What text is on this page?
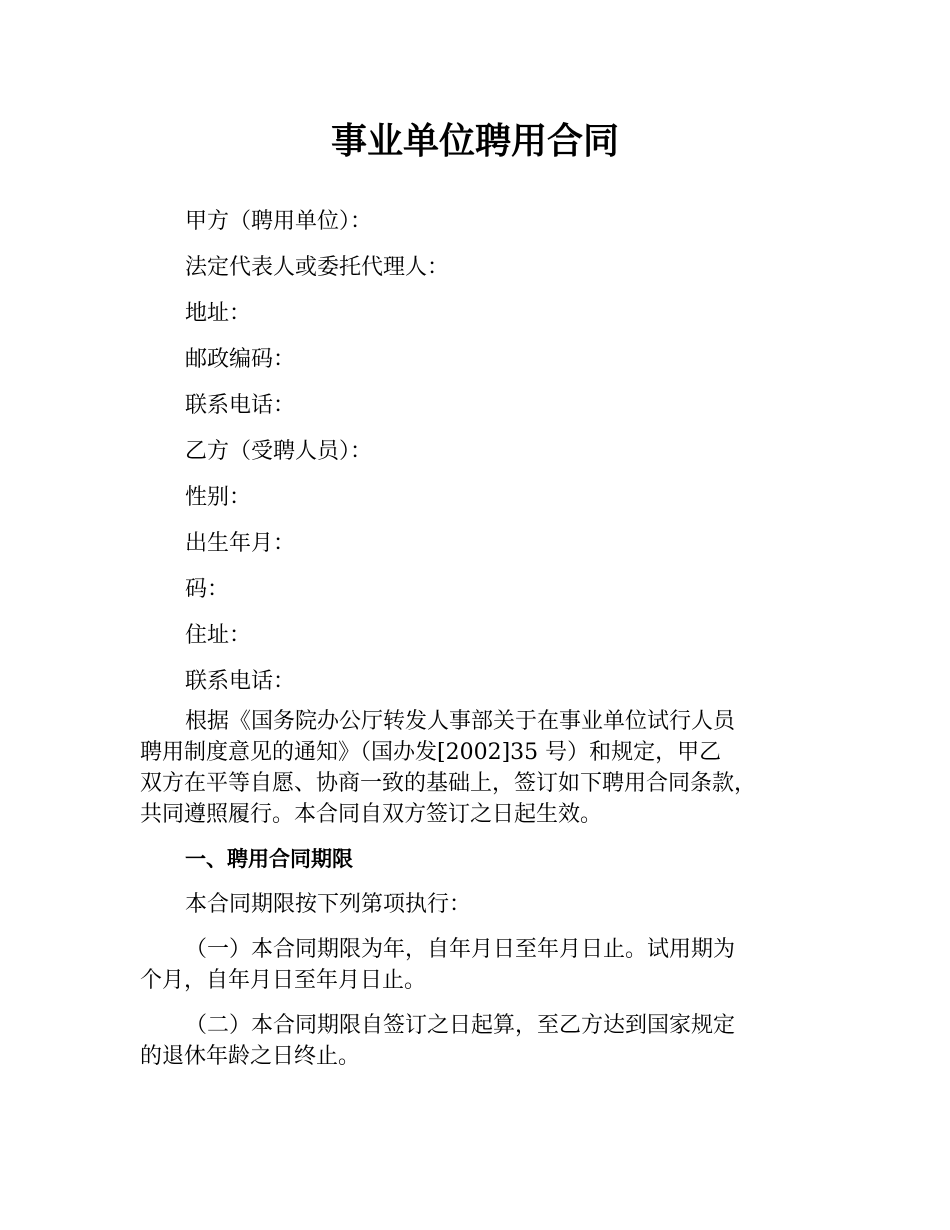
事业单位聘用合同
甲方（聘用单位）：
法定代表人或委托代理人：
地址：
邮政编码：
联系电话：
乙方（受聘人员）：
性别：
出生年月：
码：
住址：
联系电话：

根据《国务院办公厅转发人事部关于在事业单位试行人员
聘用制度意见的通知》（国办发[2002]35 号）和规定，甲乙
双方在平等自愿、协商一致的基础上，签订如下聘用合同条款，
共同遵照履行。本合同自双方签订之日起生效。

一、聘用合同期限

本合同期限按下列第项执行：

（一）本合同期限为年，自年月日至年月日止。试用期为
个月，自年月日至年月日止。

（二）本合同期限自签订之日起算，至乙方达到国家规定
的退休年龄之日终止。
